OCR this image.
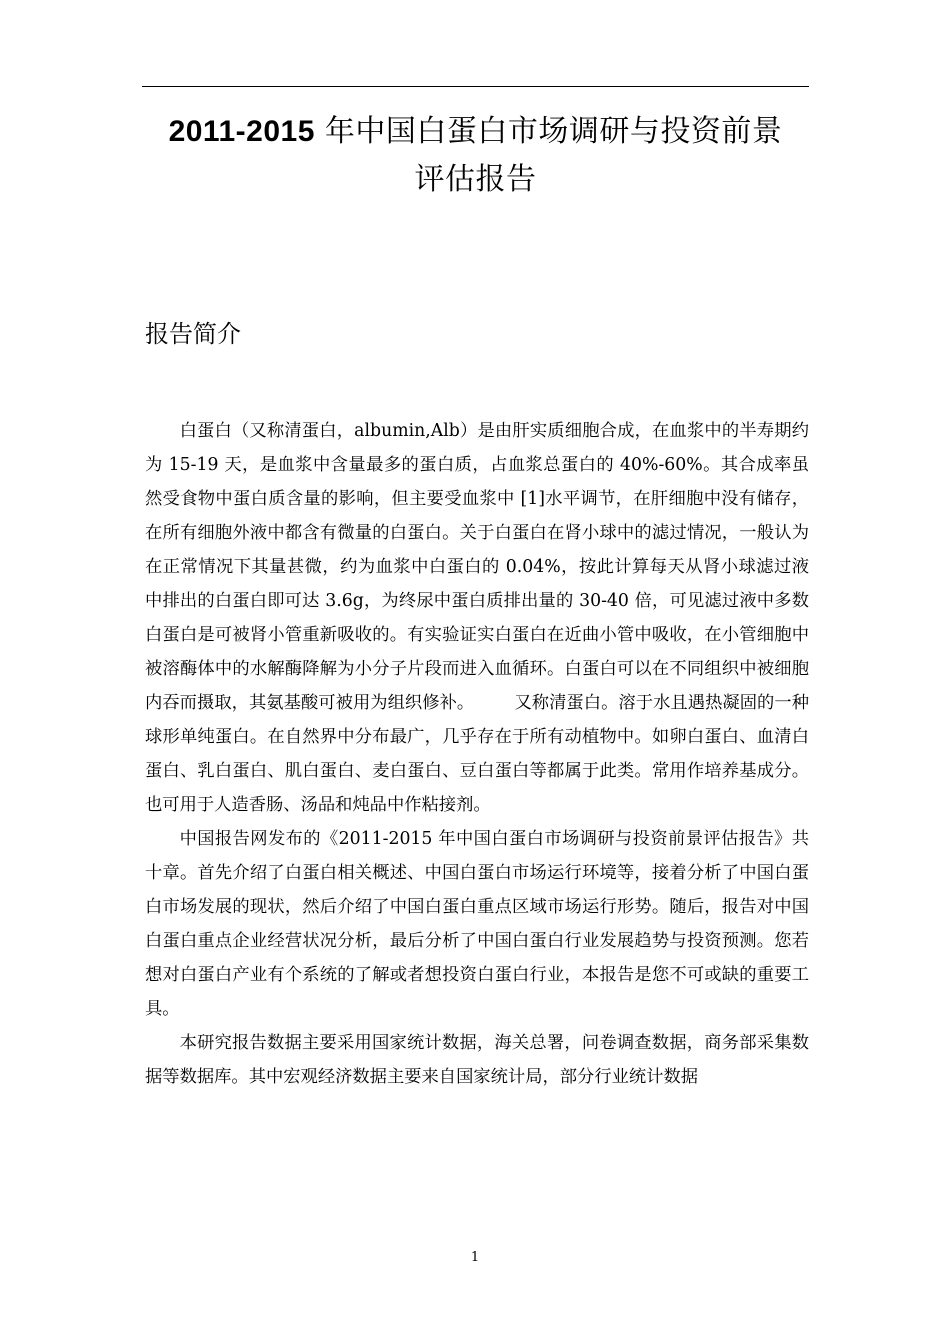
2011-2015 年中国白蛋白市场调研与投资前景
评估报告
报告简介

白蛋白（又称清蛋白，albumin,Alb）是由肝实质细胞合成，在血浆中的半寿期约为 15-19 天，是血浆中含量最多的蛋白质，占血浆总蛋白的 40%-60%。其合成率虽然受食物中蛋白质含量的影响，但主要受血浆中 [1]水平调节，在肝细胞中没有储存，在所有细胞外液中都含有微量的白蛋白。关于白蛋白在肾小球中的滤过情况，一般认为在正常情况下其量甚微，约为血浆中白蛋白的 0.04%，按此计算每天从肾小球滤过液中排出的白蛋白即可达 3.6g，为终尿中蛋白质排出量的 30-40 倍，可见滤过液中多数白蛋白是可被肾小管重新吸收的。有实验证实白蛋白在近曲小管中吸收，在小管细胞中被溶酶体中的水解酶降解为小分子片段而进入血循环。白蛋白可以在不同组织中被细胞内吞而摄取，其氨基酸可被用为组织修补。 　　又称清蛋白。溶于水且遇热凝固的一种球形单纯蛋白。在自然界中分布最广，几乎存在于所有动植物中。如卵白蛋白、血清白蛋白、乳白蛋白、肌白蛋白、麦白蛋白、豆白蛋白等都属于此类。常用作培养基成分。也可用于人造香肠、汤品和炖品中作粘接剂。

中国报告网发布的《2011-2015 年中国白蛋白市场调研与投资前景评估报告》共十章。首先介绍了白蛋白相关概述、中国白蛋白市场运行环境等，接着分析了中国白蛋白市场发展的现状，然后介绍了中国白蛋白重点区域市场运行形势。随后，报告对中国白蛋白重点企业经营状况分析，最后分析了中国白蛋白行业发展趋势与投资预测。您若想对白蛋白产业有个系统的了解或者想投资白蛋白行业，本报告是您不可或缺的重要工具。

本研究报告数据主要采用国家统计数据，海关总署，问卷调查数据，商务部采集数据等数据库。其中宏观经济数据主要来自国家统计局，部分行业统计数据

1
